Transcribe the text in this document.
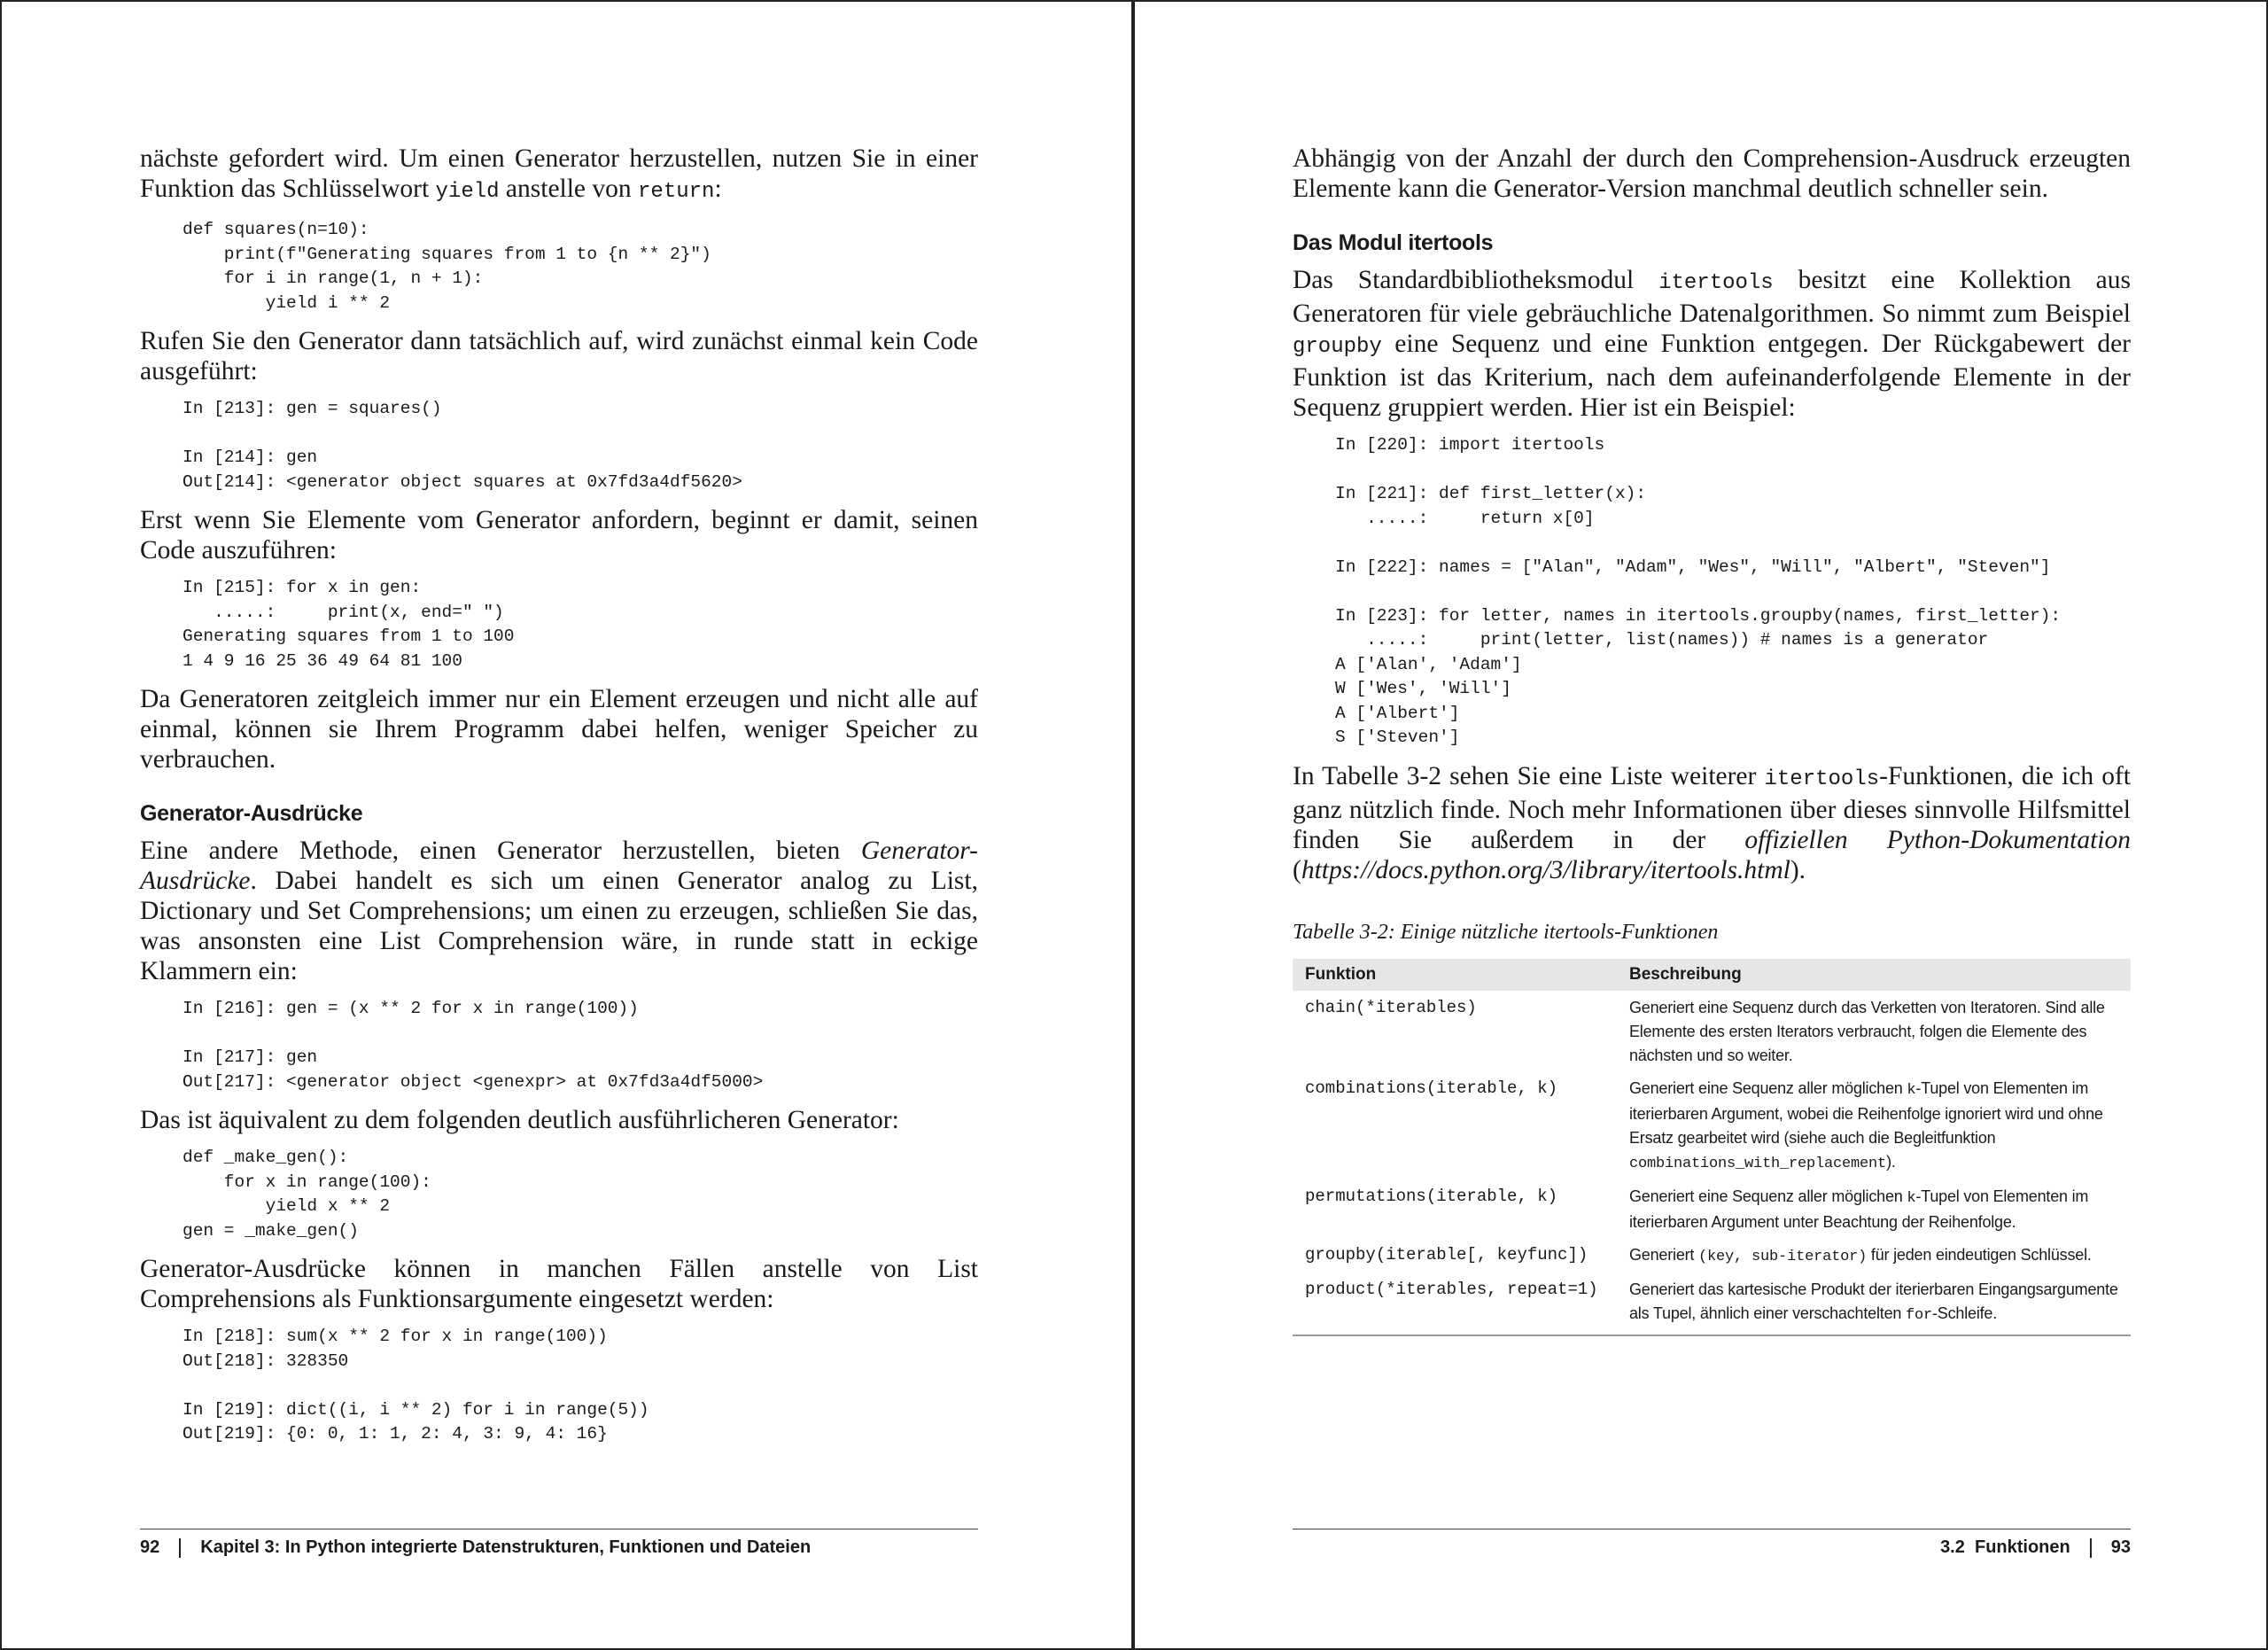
nächste gefordert wird. Um einen Generator herzustellen, nutzen Sie in einer Funktion das Schlüsselwort yield anstelle von return:

def squares(n=10):
print(f"Generating squares from 1 to {n ** 2}")
for i in range(1, n + 1):
yield i ** 2

Rufen Sie den Generator dann tatsächlich auf, wird zunächst einmal kein Code ausgeführt:

In [213]: gen = squares()

In [214]: gen
Out[214]: <generator object squares at 0x7fd3a4df5620>

Erst wenn Sie Elemente vom Generator anfordern, beginnt er damit, seinen Code auszuführen:

In [215]: for x in gen:
.....:     print(x, end=" ")
Generating squares from 1 to 100
1 4 9 16 25 36 49 64 81 100

Da Generatoren zeitgleich immer nur ein Element erzeugen und nicht alle auf einmal, können sie Ihrem Programm dabei helfen, weniger Speicher zu verbrauchen.

Generator-Ausdrücke

Eine andere Methode, einen Generator herzustellen, bieten Generator-Ausdrücke. Dabei handelt es sich um einen Generator analog zu List, Dictionary und Set Comprehensions; um einen zu erzeugen, schließen Sie das, was ansonsten eine List Comprehension wäre, in runde statt in eckige Klammern ein:

In [216]: gen = (x ** 2 for x in range(100))

In [217]: gen
Out[217]: <generator object <genexpr> at 0x7fd3a4df5000>

Das ist äquivalent zu dem folgenden deutlich ausführlicheren Generator:

def _make_gen():
for x in range(100):
yield x ** 2
gen = _make_gen()

Generator-Ausdrücke können in manchen Fällen anstelle von List Comprehensions als Funktionsargumente eingesetzt werden:

In [218]: sum(x ** 2 for x in range(100))
Out[218]: 328350

In [219]: dict((i, i ** 2) for i in range(5))
Out[219]: {0: 0, 1: 1, 2: 4, 3: 9, 4: 16}
92 Kapitel 3: In Python integrierte Datenstrukturen, Funktionen und Dateien

Abhängig von der Anzahl der durch den Comprehension-Ausdruck erzeugten Elemente kann die Generator-Version manchmal deutlich schneller sein.

Das Modul itertools

Das Standardbibliotheksmodul itertools besitzt eine Kollektion aus Generatoren für viele gebräuchliche Datenalgorithmen. So nimmt zum Beispiel groupby eine Sequenz und eine Funktion entgegen. Der Rückgabewert der Funktion ist das Kriterium, nach dem aufeinanderfolgende Elemente in der Sequenz gruppiert werden. Hier ist ein Beispiel:

In [220]: import itertools

In [221]: def first_letter(x):
.....:     return x[0]

In [222]: names = ["Alan", "Adam", "Wes", "Will", "Albert", "Steven"]

In [223]: for letter, names in itertools.groupby(names, first_letter):
.....:     print(letter, list(names)) # names is a generator
A ['Alan', 'Adam']
W ['Wes', 'Will']
A ['Albert']
S ['Steven']

In Tabelle 3-2 sehen Sie eine Liste weiterer itertools-Funktionen, die ich oft ganz nützlich finde. Noch mehr Informationen über dieses sinnvolle Hilfsmittel finden Sie außerdem in der offiziellen Python-Dokumentation (https://docs.python.org/3/library/itertools.html).

Tabelle 3-2: Einige nützliche itertools-Funktionen
Funktion	Beschreibung
chain(*iterables)	Generiert eine Sequenz durch das Verketten von Iteratoren. Sind alle Elemente des ersten Iterators verbraucht, folgen die Elemente des nächsten und so weiter.
combinations(iterable, k)	Generiert eine Sequenz aller möglichen k-Tupel von Elementen im iterierbaren Argument, wobei die Reihenfolge ignoriert wird und ohne Ersatz gearbeitet wird (siehe auch die Begleitfunktion combinations_with_replacement).
permutations(iterable, k)	Generiert eine Sequenz aller möglichen k-Tupel von Elementen im iterierbaren Argument unter Beachtung der Reihenfolge.
groupby(iterable[, keyfunc])	Generiert (key, sub-iterator) für jeden eindeutigen Schlüssel.
product(*iterables, repeat=1)	Generiert das kartesische Produkt der iterierbaren Eingangsargumente als Tupel, ähnlich einer verschachtelten for-Schleife.
3.2  Funktionen 93
